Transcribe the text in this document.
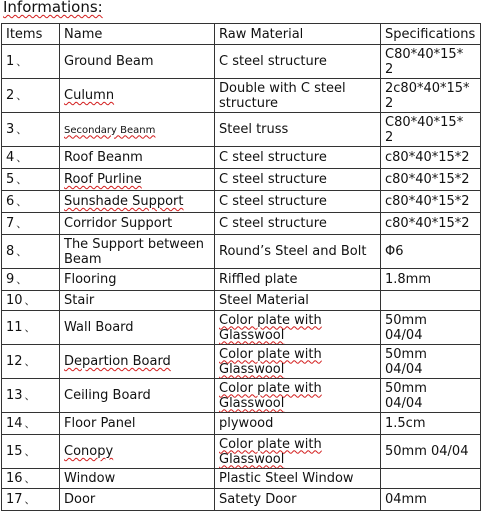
Informations:
Items	Name	Raw Material	Specifications
1 、	Ground Beam	C steel structure	C80*40*15*
2
2 、	Culumn	Double with C steel
structure	2c80*40*15*
2
3 、	Secondary Beanm	Steel truss	C80*40*15*
2
4 、	Roof Beanm	C steel structure	c80*40*15*2
5 、	Roof Purline	C steel structure	c80*40*15*2
6 、	Sunshade Support	C steel structure	c80*40*15*2
7 、	Corridor Support	C steel structure	c80*40*15*2
8 、	The Support between
Beam	Round’s Steel and Bolt	Φ6
9 、	Flooring	Riffled plate	1.8mm
10 、	Stair	Steel Material	
11 、	Wall Board	Color plate with
Glasswool	50mm
04/04
12 、	Departion Board	Color plate with
Glasswool	50mm
04/04
13 、	Ceiling Board	Color plate with
Glasswool	50mm
04/04
14 、	Floor Panel	plywood	1.5cm
15 、	Conopy	Color plate with
Glasswool	50mm 04/04
16 、	Window	Plastic Steel Window	
17 、	Door	Satety Door	04mm
